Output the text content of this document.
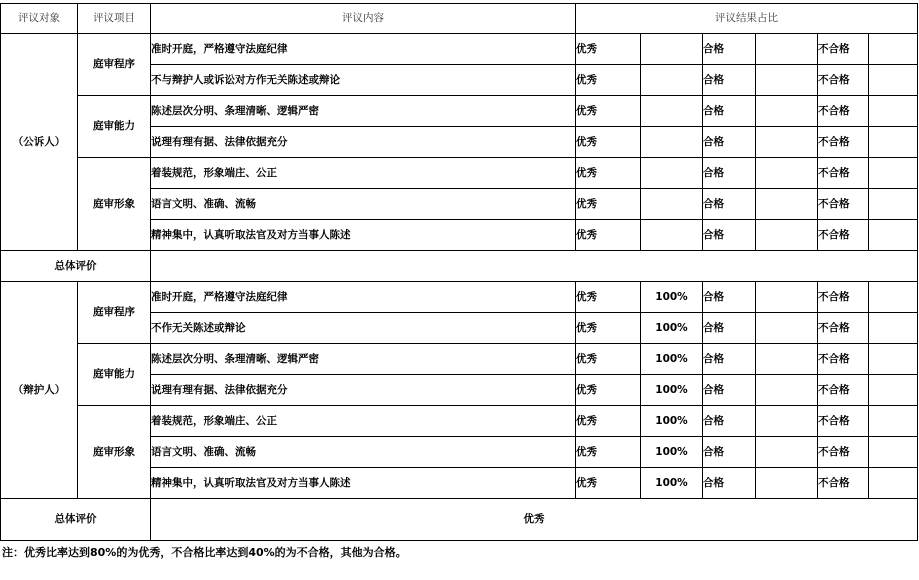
评议对象	评议项目	评议内容	评议结果占比					
（公诉人）	庭审程序	准时开庭，严格遵守法庭纪律	优秀		合格		不合格	
		不与辩护人或诉讼对方作无关陈述或辩论	优秀		合格		不合格	
	庭审能力	陈述层次分明、条理清晰、逻辑严密	优秀		合格		不合格	
		说理有理有据、法律依据充分	优秀		合格		不合格	
	庭审形象	着装规范，形象端庄、公正	优秀		合格		不合格	
		语言文明、准确、流畅	优秀		合格		不合格	
		精神集中，认真听取法官及对方当事人陈述	优秀		合格		不合格	
总体评价								
（辩护人）	庭审程序	准时开庭，严格遵守法庭纪律	优秀	100%	合格		不合格	
		不作无关陈述或辩论	优秀	100%	合格		不合格	
	庭审能力	陈述层次分明、条理清晰、逻辑严密	优秀	100%	合格		不合格	
		说理有理有据、法律依据充分	优秀	100%	合格		不合格	
	庭审形象	着装规范，形象端庄、公正	优秀	100%	合格		不合格	
		语言文明、准确、流畅	优秀	100%	合格		不合格	
		精神集中，认真听取法官及对方当事人陈述	优秀	100%	合格		不合格	
总体评价		优秀						
注：优秀比率达到80%的为优秀，不合格比率达到40%的为不合格，其他为合格。
